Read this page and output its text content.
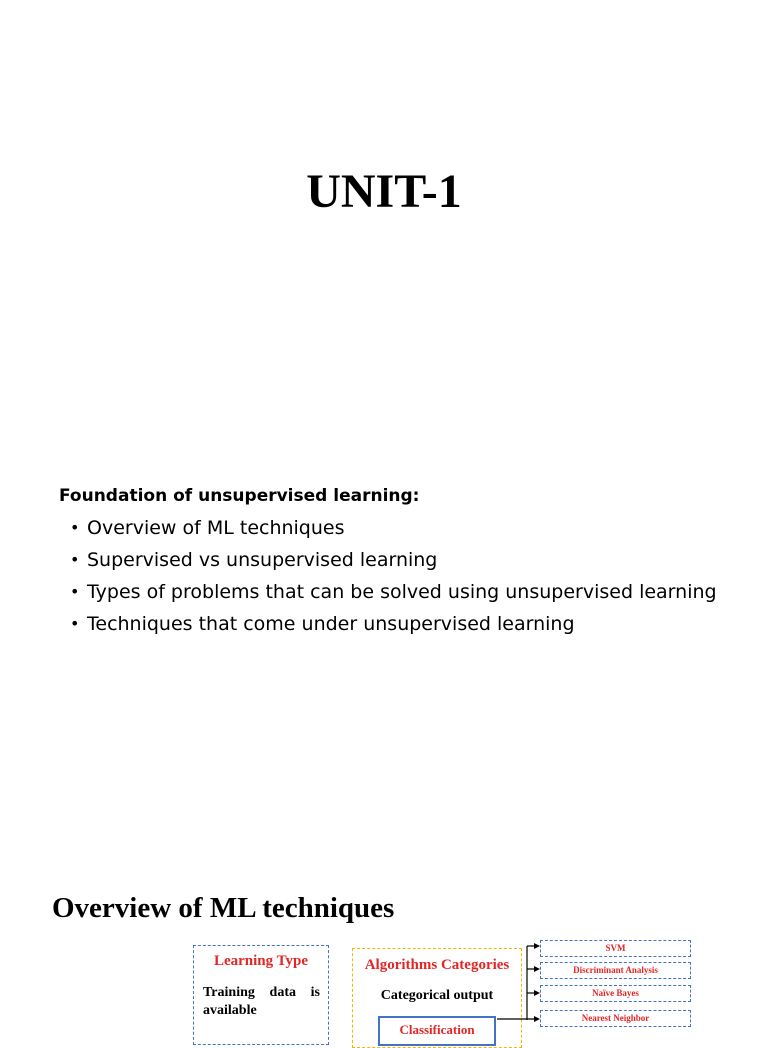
UNIT-1

Foundation of unsupervised learning:

• Overview of ML techniques
• Supervised vs unsupervised learning
• Types of problems that can be solved using unsupervised learning
• Techniques that come under unsupervised learning
Overview of ML techniques
Learning Type
Training data is
available
Algorithms Categories
Categorical output
Classification
SVM
Discriminant Analysis
Naïve Bayes
Nearest Neighbor
